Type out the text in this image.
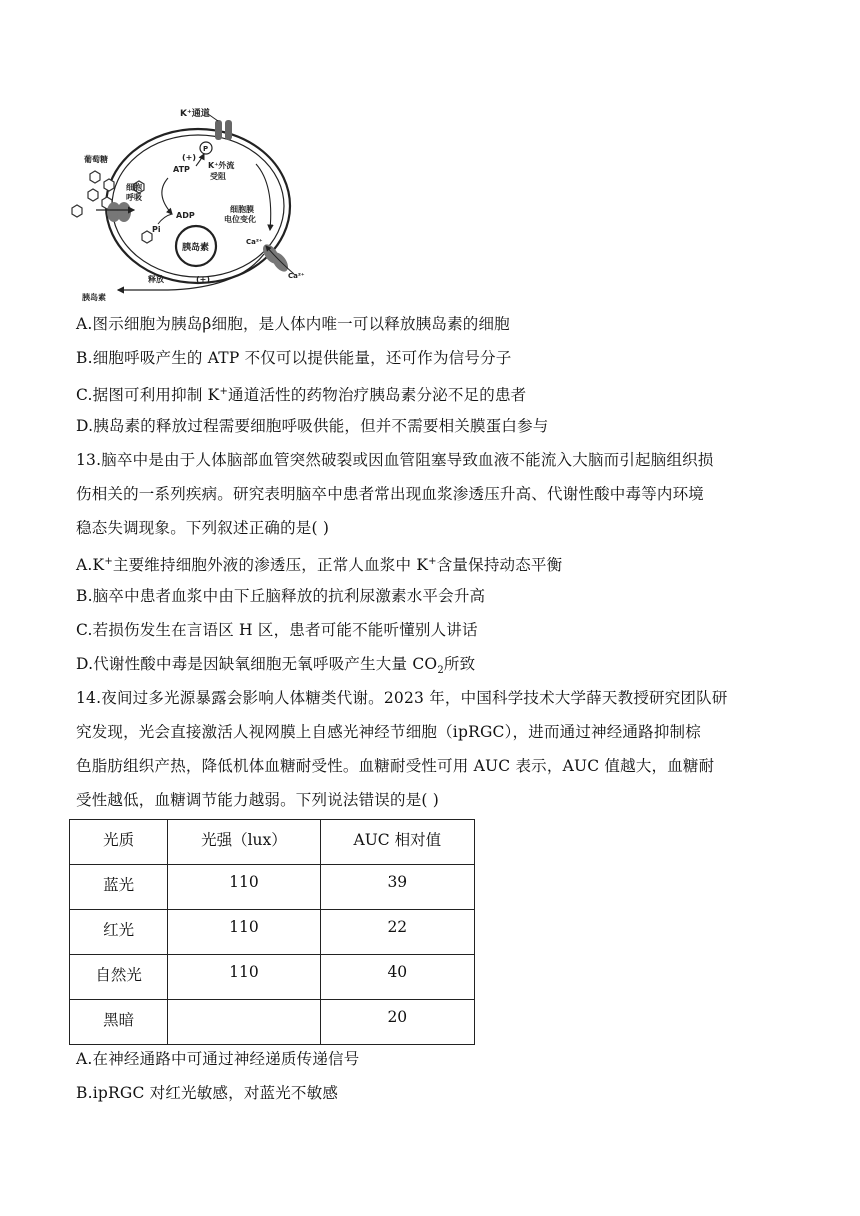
K⁺通道
P
葡萄糖
ATP
(+)
细胞
呼吸
ADP
Pi
K⁺外流
受阻
细胞膜
电位变化
胰岛素
Ca²⁺
Ca²⁺
释放	(+)
胰岛素
A.图示细胞为胰岛β细胞，是人体内唯一可以释放胰岛素的细胞
B.细胞呼吸产生的 ATP 不仅可以提供能量，还可作为信号分子
C.据图可利用抑制 K+通道活性的药物治疗胰岛素分泌不足的患者
D.胰岛素的释放过程需要细胞呼吸供能，但并不需要相关膜蛋白参与
13.脑卒中是由于人体脑部血管突然破裂或因血管阻塞导致血液不能流入大脑而引起脑组织损
伤相关的一系列疾病。研究表明脑卒中患者常出现血浆渗透压升高、代谢性酸中毒等内环境
稳态失调现象。下列叙述正确的是( )
A.K+主要维持细胞外液的渗透压，正常人血浆中 K+含量保持动态平衡
B.脑卒中患者血浆中由下丘脑释放的抗利尿激素水平会升高
C.若损伤发生在言语区 H 区，患者可能不能听懂别人讲话
D.代谢性酸中毒是因缺氧细胞无氧呼吸产生大量 $CO_2$所致
14.夜间过多光源暴露会影响人体糖类代谢。2023 年，中国科学技术大学薛天教授研究团队研
究发现，光会直接激活人视网膜上自感光神经节细胞（ipRGC），进而通过神经通路抑制棕
色脂肪组织产热，降低机体血糖耐受性。血糖耐受性可用 AUC 表示，AUC 值越大，血糖耐
受性越低，血糖调节能力越弱。下列说法错误的是( )
光质	光强（lux）	AUC 相对值
蓝光	110	39
红光	110	22
自然光	110	40
黑暗		20
A.在神经通路中可通过神经递质传递信号
B.ipRGC 对红光敏感，对蓝光不敏感
